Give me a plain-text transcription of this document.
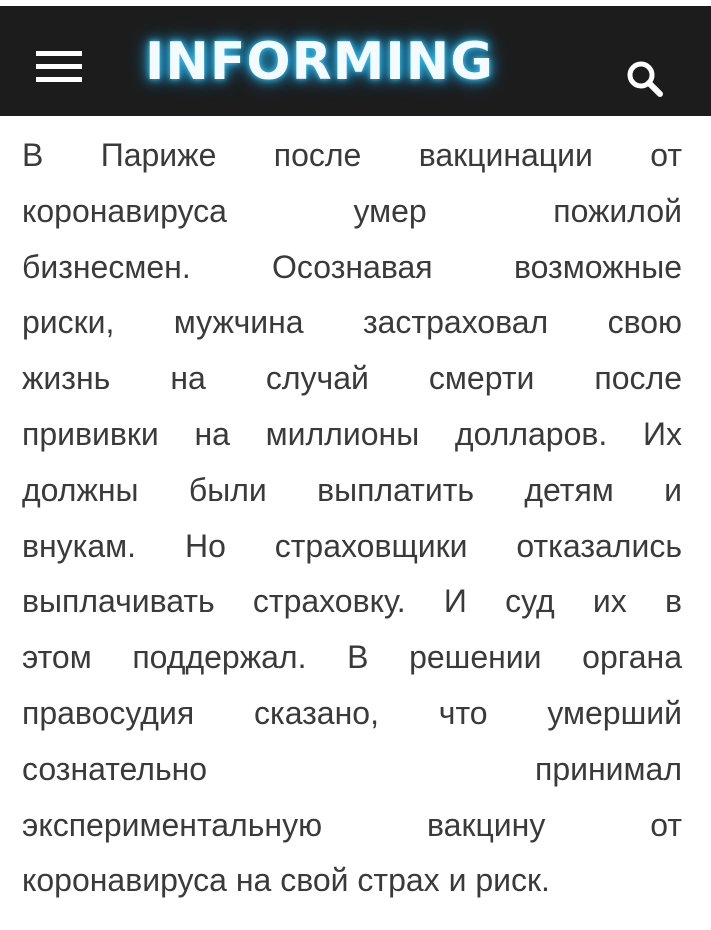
INFORMING
В Париже после вакцинации от
коронавируса умер пожилой
бизнесмен. Осознавая возможные
риски, мужчина застраховал свою
жизнь на случай смерти после
прививки на миллионы долларов. Их
должны были выплатить детям и
внукам. Но страховщики отказались
выплачивать страховку. И суд их в
этом поддержал. В решении органа
правосудия сказано, что умерший
сознательно принимал
экспериментальную вакцину от
коронавируса на свой страх и риск.
